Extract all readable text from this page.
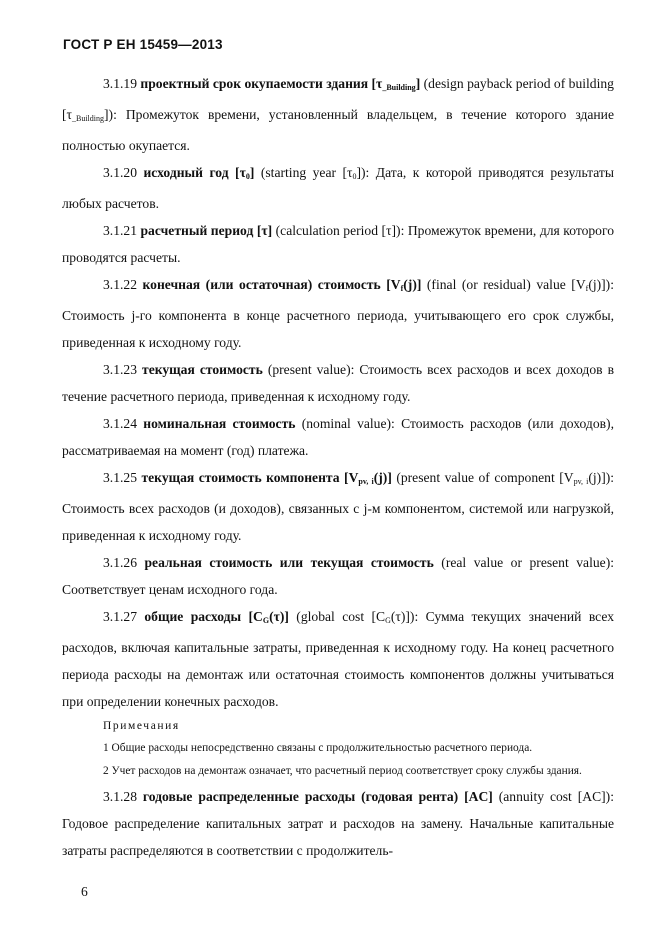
ГОСТ Р ЕН 15459—2013

3.1.19 проектный срок окупаемости здания $[\tau_{\_Building}]$ (design payback period of building $[\tau_{\_Building}]$): Промежуток времени, установленный владельцем, в течение которого здание полностью окупается.

3.1.20 исходный год $[\tau_0]$ (starting year $[\tau_0]$): Дата, к которой приводятся результаты любых расчетов.

3.1.21 расчетный период [τ] (calculation period [τ]): Промежуток времени, для которого проводятся расчеты.

3.1.22 конечная (или остаточная) стоимость $[V_f(j)]$ (final (or residual) value $[V_f(j)]$): Стоимость j-го компонента в конце расчетного периода, учитывающего его срок службы, приведенная к исходному году.

3.1.23 текущая стоимость (present value): Стоимость всех расходов и всех доходов в течение расчетного периода, приведенная к исходному году.

3.1.24 номинальная стоимость (nominal value): Стоимость расходов (или доходов), рассматриваемая на момент (год) платежа.

3.1.25 текущая стоимость компонента $[V_{pv, i}(j)]$ (present value of component $[V_{pv, i}(j)]$): Стоимость всех расходов (и доходов), связанных с j-м компонентом, системой или нагрузкой, приведенная к исходному году.

3.1.26 реальная стоимость или текущая стоимость (real value or present value): Соответствует ценам исходного года.

3.1.27 общие расходы $[C_G(\tau)]$ (global cost $[C_G(\tau)]$): Сумма текущих значений всех расходов, включая капитальные затраты, приведенная к исходному году. На конец расчетного периода расходы на демонтаж или остаточная стоимость компонентов должны учитываться при определении конечных расходов.

Примечания

1 Общие расходы непосредственно связаны с продолжительностью расчетного периода.

2 Учет расходов на демонтаж означает, что расчетный период соответствует сроку службы здания.

3.1.28 годовые распределенные расходы (годовая рента) [AC] (annuity cost [AC]): Годовое распределение капитальных затрат и расходов на замену. Начальные капитальные затраты распределяются в соответствии с продолжитель-

6
